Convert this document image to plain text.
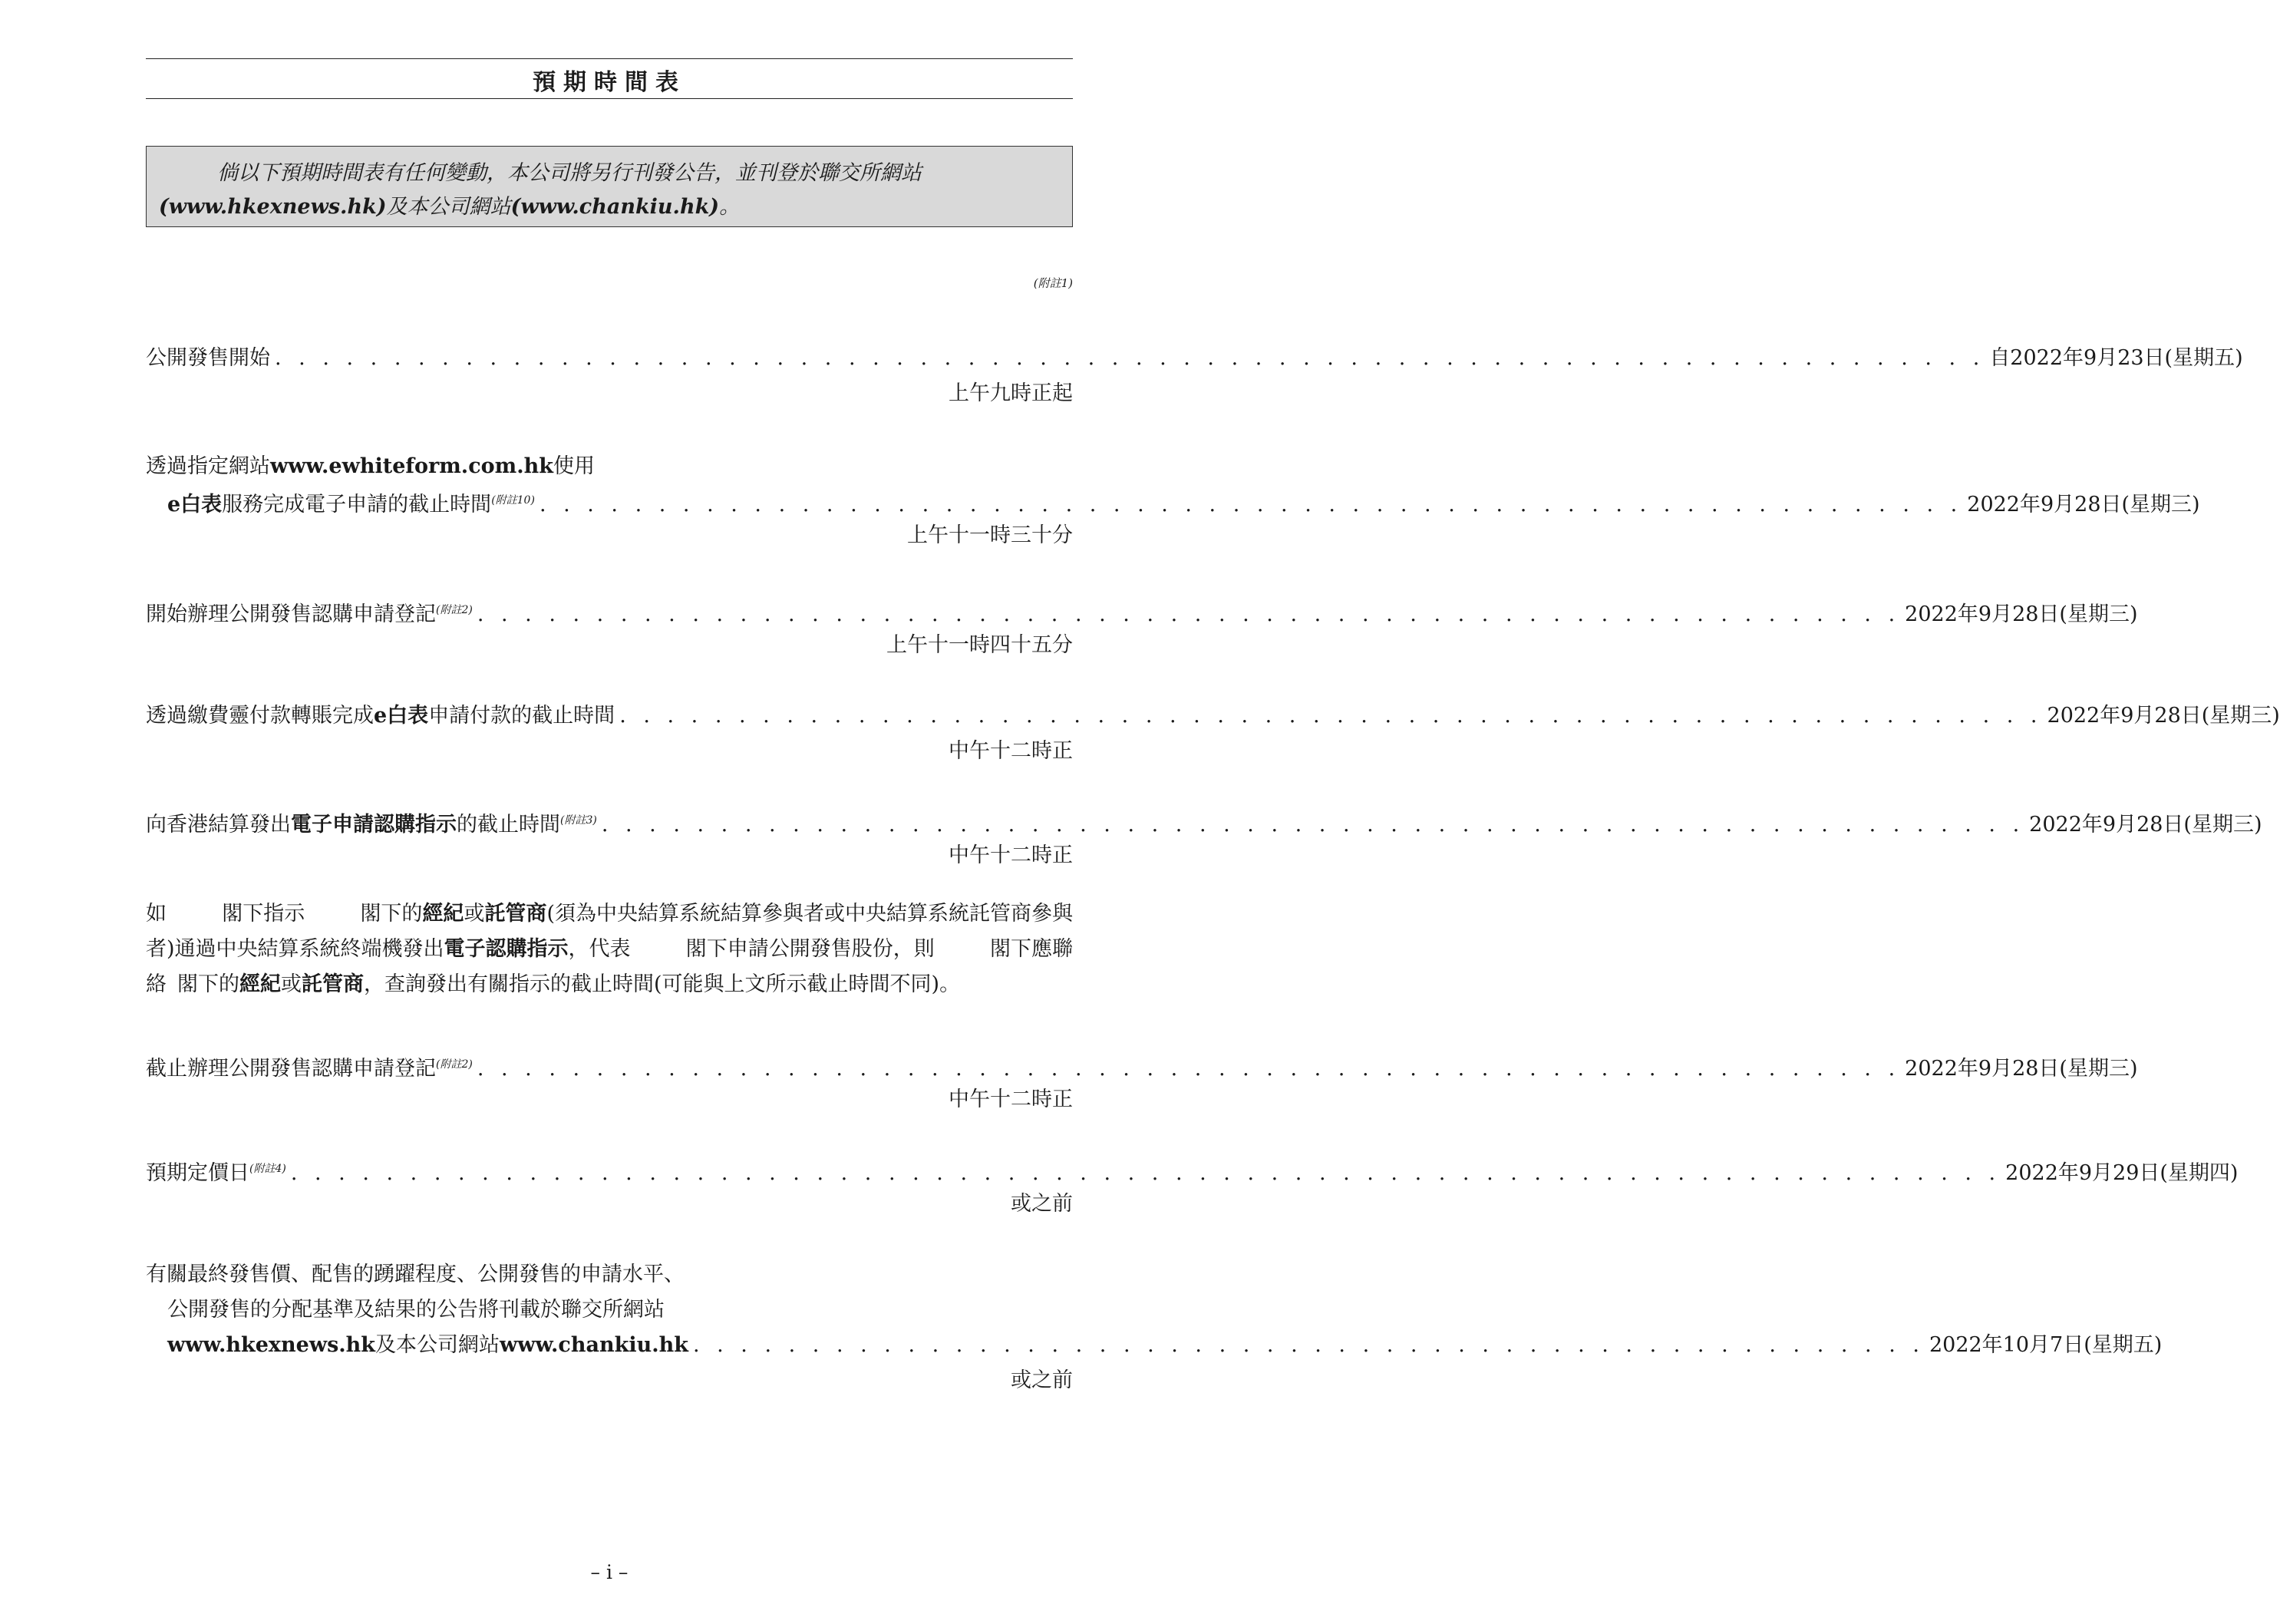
預期時間表
倘以下預期時間表有任何變動，本公司將另行刊發公告，並刊登於聯交所網站
(www.hkexnews.hk)及本公司網站(www.chankiu.hk)。
(附註1)
公開發售開始 . . . . . . . . . . . . . . . . . . . . . . . . . . . . . . . . . . . . . . . . . . . . . . . . . . . . . . . . . . . . . . . . . . . . . . . . 自2022年9月23日(星期五)
上午九時正起
透過指定網站www.ewhiteform.com.hk使用
e白表服務完成電子申請的截止時間$^{(附註10)}$ . . . . . . . . . . . . . . . . . . . . . . . . . . . . . . . . . . . . . . . . . . . . . . . . . . . . . . . . . . . . 2022年9月28日(星期三)
上午十一時三十分
開始辦理公開發售認購申請登記$^{(附註2)}$ . . . . . . . . . . . . . . . . . . . . . . . . . . . . . . . . . . . . . . . . . . . . . . . . . . . . . . . . . . . . 2022年9月28日(星期三)
上午十一時四十五分
透過繳費靈付款轉賬完成e白表申請付款的截止時間 . . . . . . . . . . . . . . . . . . . . . . . . . . . . . . . . . . . . . . . . . . . . . . . . . . . . . . . . . . . . 2022年9月28日(星期三)
中午十二時正
向香港結算發出電子申請認購指示的截止時間$^{(附註3)}$ . . . . . . . . . . . . . . . . . . . . . . . . . . . . . . . . . . . . . . . . . . . . . . . . . . . . . . . . . . . . 2022年9月28日(星期三)
中午十二時正
如	閣下指示	閣下的經紀或託管商(須為中央結算系統結算參與者或中央結算系統託管商參與
者)通過中央結算系統終端機發出電子認購指示，代表	閣下申請公開發售股份，則	閣下應聯
絡 閣下的經紀或託管商，查詢發出有關指示的截止時間(可能與上文所示截止時間不同)。
截止辦理公開發售認購申請登記$^{(附註2)}$ . . . . . . . . . . . . . . . . . . . . . . . . . . . . . . . . . . . . . . . . . . . . . . . . . . . . . . . . . . . . 2022年9月28日(星期三)
中午十二時正
預期定價日$^{(附註4)}$ . . . . . . . . . . . . . . . . . . . . . . . . . . . . . . . . . . . . . . . . . . . . . . . . . . . . . . . . . . . . . . . . . . . . . . . . 2022年9月29日(星期四)
或之前
有關最終發售價、配售的踴躍程度、公開發售的申請水平、
公開發售的分配基準及結果的公告將刊載於聯交所網站
www.hkexnews.hk及本公司網站www.chankiu.hk . . . . . . . . . . . . . . . . . . . . . . . . . . . . . . . . . . . . . . . . . . . . . . . . . . . . 2022年10月7日(星期五)
或之前
– i –
